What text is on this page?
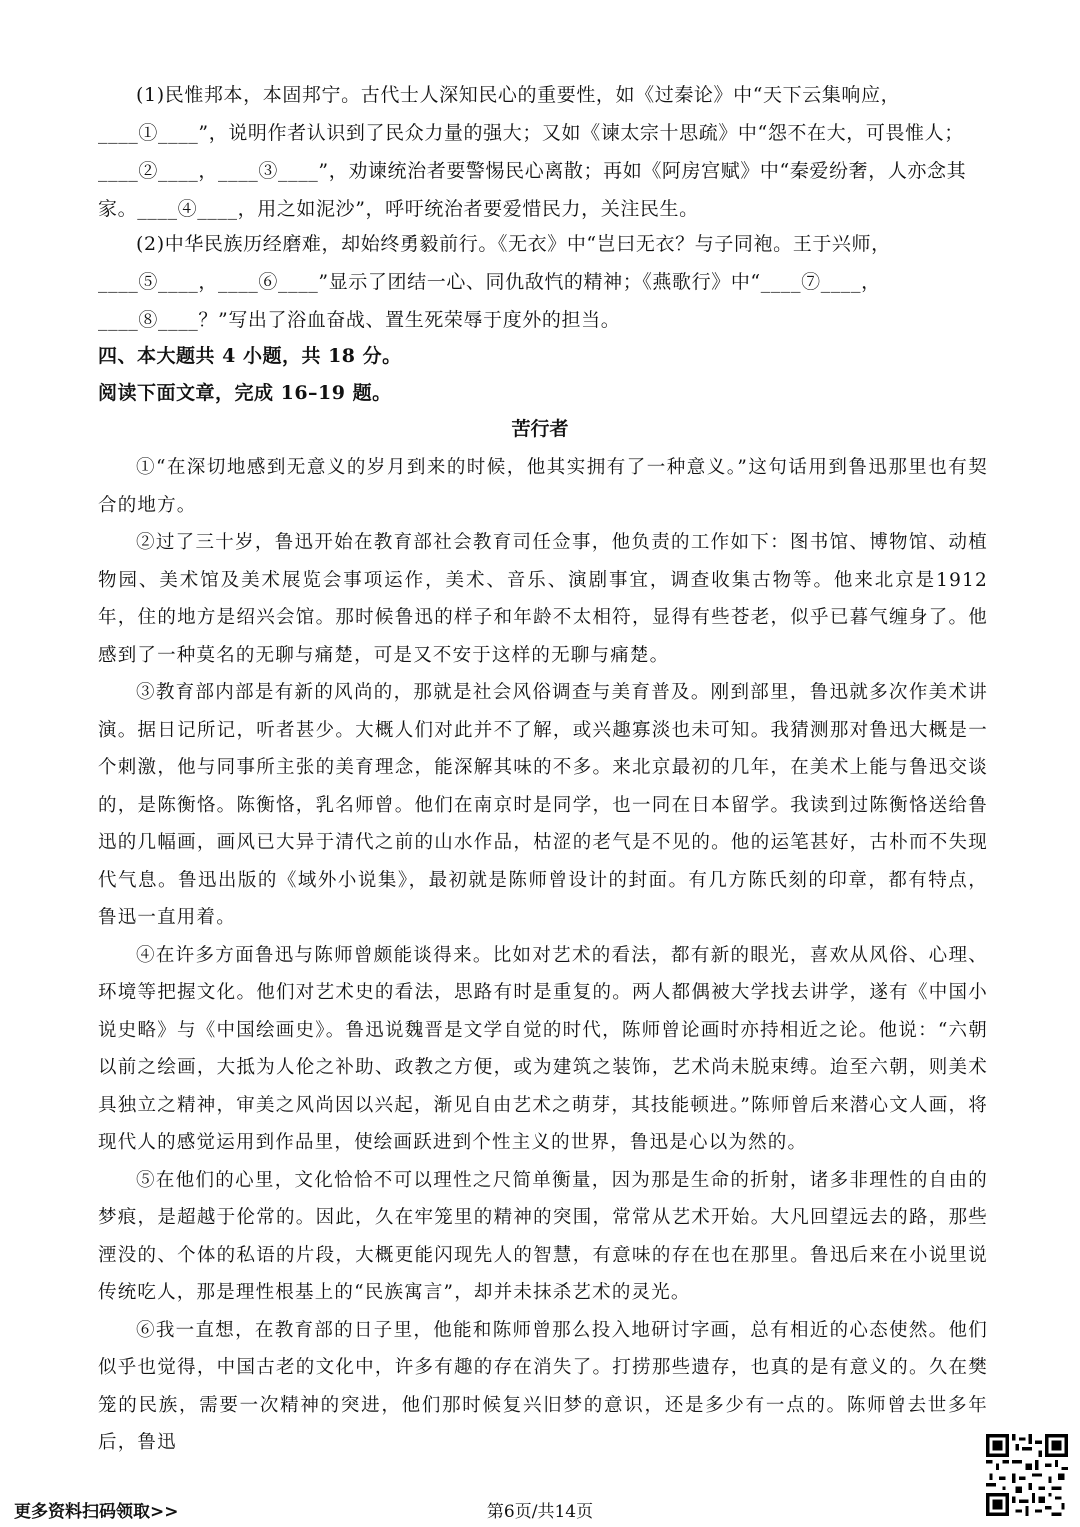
(1)民惟邦本，本固邦宁。古代士人深知民心的重要性，如《过秦论》中“天下云集响应，____①____”，说明作者认识到了民众力量的强大；又如《谏太宗十思疏》中“怨不在大，可畏惟人；____②____，____③____”，劝谏统治者要警惕民心离散；再如《阿房宫赋》中“秦爱纷奢，人亦念其家。____④____，用之如泥沙”，呼吁统治者要爱惜民力，关注民生。

(2)中华民族历经磨难，却始终勇毅前行。《无衣》中“岂曰无衣？与子同袍。王于兴师，____⑤____，____⑥____”显示了团结一心、同仇敌忾的精神；《燕歌行》中“____⑦____，____⑧____？”写出了浴血奋战、置生死荣辱于度外的担当。

四、本大题共 4 小题，共 18 分。
阅读下面文章，完成 16–19 题。
苦行者

①“在深切地感到无意义的岁月到来的时候，他其实拥有了一种意义。”这句话用到鲁迅那里也有契合的地方。

②过了三十岁，鲁迅开始在教育部社会教育司任佥事，他负责的工作如下：图书馆、博物馆、动植物园、美术馆及美术展览会事项运作，美术、音乐、演剧事宜，调查收集古物等。他来北京是1912年，住的地方是绍兴会馆。那时候鲁迅的样子和年龄不太相符，显得有些苍老，似乎已暮气缠身了。他感到了一种莫名的无聊与痛楚，可是又不安于这样的无聊与痛楚。

③教育部内部是有新的风尚的，那就是社会风俗调查与美育普及。刚到部里，鲁迅就多次作美术讲演。据日记所记，听者甚少。大概人们对此并不了解，或兴趣寡淡也未可知。我猜测那对鲁迅大概是一个刺激，他与同事所主张的美育理念，能深解其味的不多。来北京最初的几年，在美术上能与鲁迅交谈的，是陈衡恪。陈衡恪，乳名师曾。他们在南京时是同学，也一同在日本留学。我读到过陈衡恪送给鲁迅的几幅画，画风已大异于清代之前的山水作品，枯涩的老气是不见的。他的运笔甚好，古朴而不失现代气息。鲁迅出版的《域外小说集》，最初就是陈师曾设计的封面。有几方陈氏刻的印章，都有特点，鲁迅一直用着。

④在许多方面鲁迅与陈师曾颇能谈得来。比如对艺术的看法，都有新的眼光，喜欢从风俗、心理、环境等把握文化。他们对艺术史的看法，思路有时是重复的。两人都偶被大学找去讲学，遂有《中国小说史略》与《中国绘画史》。鲁迅说魏晋是文学自觉的时代，陈师曾论画时亦持相近之论。他说：“六朝以前之绘画，大抵为人伦之补助、政教之方便，或为建筑之装饰，艺术尚未脱束缚。迨至六朝，则美术具独立之精神，审美之风尚因以兴起，渐见自由艺术之萌芽，其技能顿进。”陈师曾后来潜心文人画，将现代人的感觉运用到作品里，使绘画跃进到个性主义的世界，鲁迅是心以为然的。

⑤在他们的心里，文化恰恰不可以理性之尺简单衡量，因为那是生命的折射，诸多非理性的自由的梦痕，是超越于伦常的。因此，久在牢笼里的精神的突围，常常从艺术开始。大凡回望远去的路，那些湮没的、个体的私语的片段，大概更能闪现先人的智慧，有意味的存在也在那里。鲁迅后来在小说里说传统吃人，那是理性根基上的“民族寓言”，却并未抹杀艺术的灵光。

⑥我一直想，在教育部的日子里，他能和陈师曾那么投入地研讨字画，总有相近的心态使然。他们似乎也觉得，中国古老的文化中，许多有趣的存在消失了。打捞那些遗存，也真的是有意义的。久在樊笼的民族，需要一次精神的突进，他们那时候复兴旧梦的意识，还是多少有一点的。陈师曾去世多年后，鲁迅

更多资料扫码领取>>	第6页/共14页
